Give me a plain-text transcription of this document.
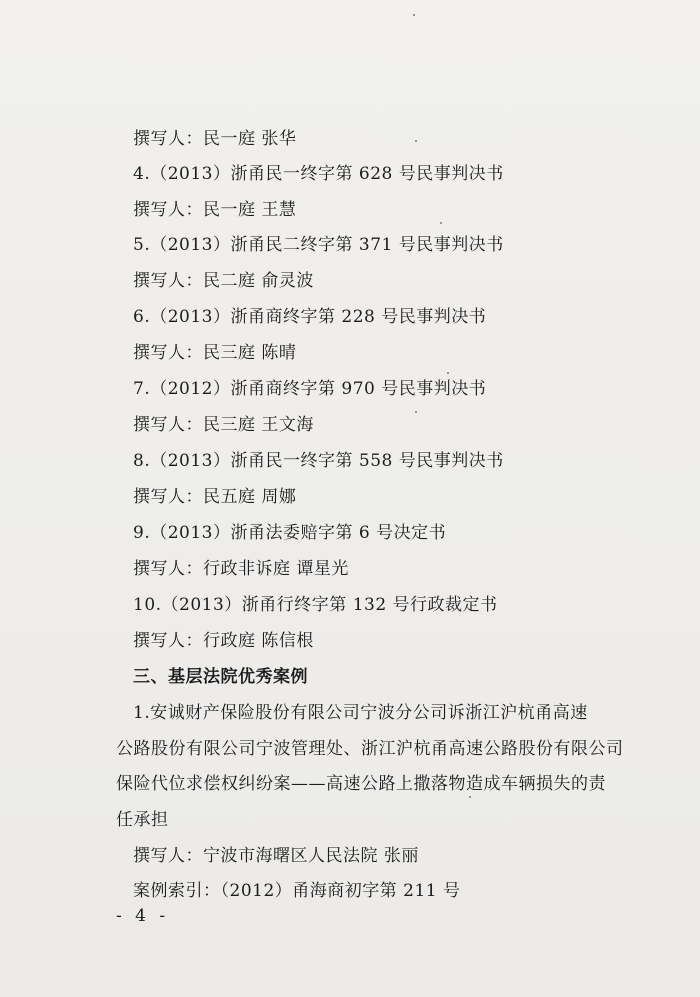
撰写人：民一庭 张华
4.（2013）浙甬民一终字第 628 号民事判决书
撰写人：民一庭 王慧
5.（2013）浙甬民二终字第 371 号民事判决书
撰写人：民二庭 俞灵波
6.（2013）浙甬商终字第 228 号民事判决书
撰写人：民三庭 陈晴
7.（2012）浙甬商终字第 970 号民事判决书
撰写人：民三庭 王文海
8.（2013）浙甬民一终字第 558 号民事判决书
撰写人：民五庭 周娜
9.（2013）浙甬法委赔字第 6 号决定书
撰写人：行政非诉庭 谭星光
10.（2013）浙甬行终字第 132 号行政裁定书
撰写人：行政庭 陈信根
三、基层法院优秀案例
1.安诚财产保险股份有限公司宁波分公司诉浙江沪杭甬高速
公路股份有限公司宁波管理处、浙江沪杭甬高速公路股份有限公司
保险代位求偿权纠纷案——高速公路上撒落物造成车辆损失的责
任承担
撰写人：宁波市海曙区人民法院 张丽
案例索引：（2012）甬海商初字第 211 号
- 4 -
